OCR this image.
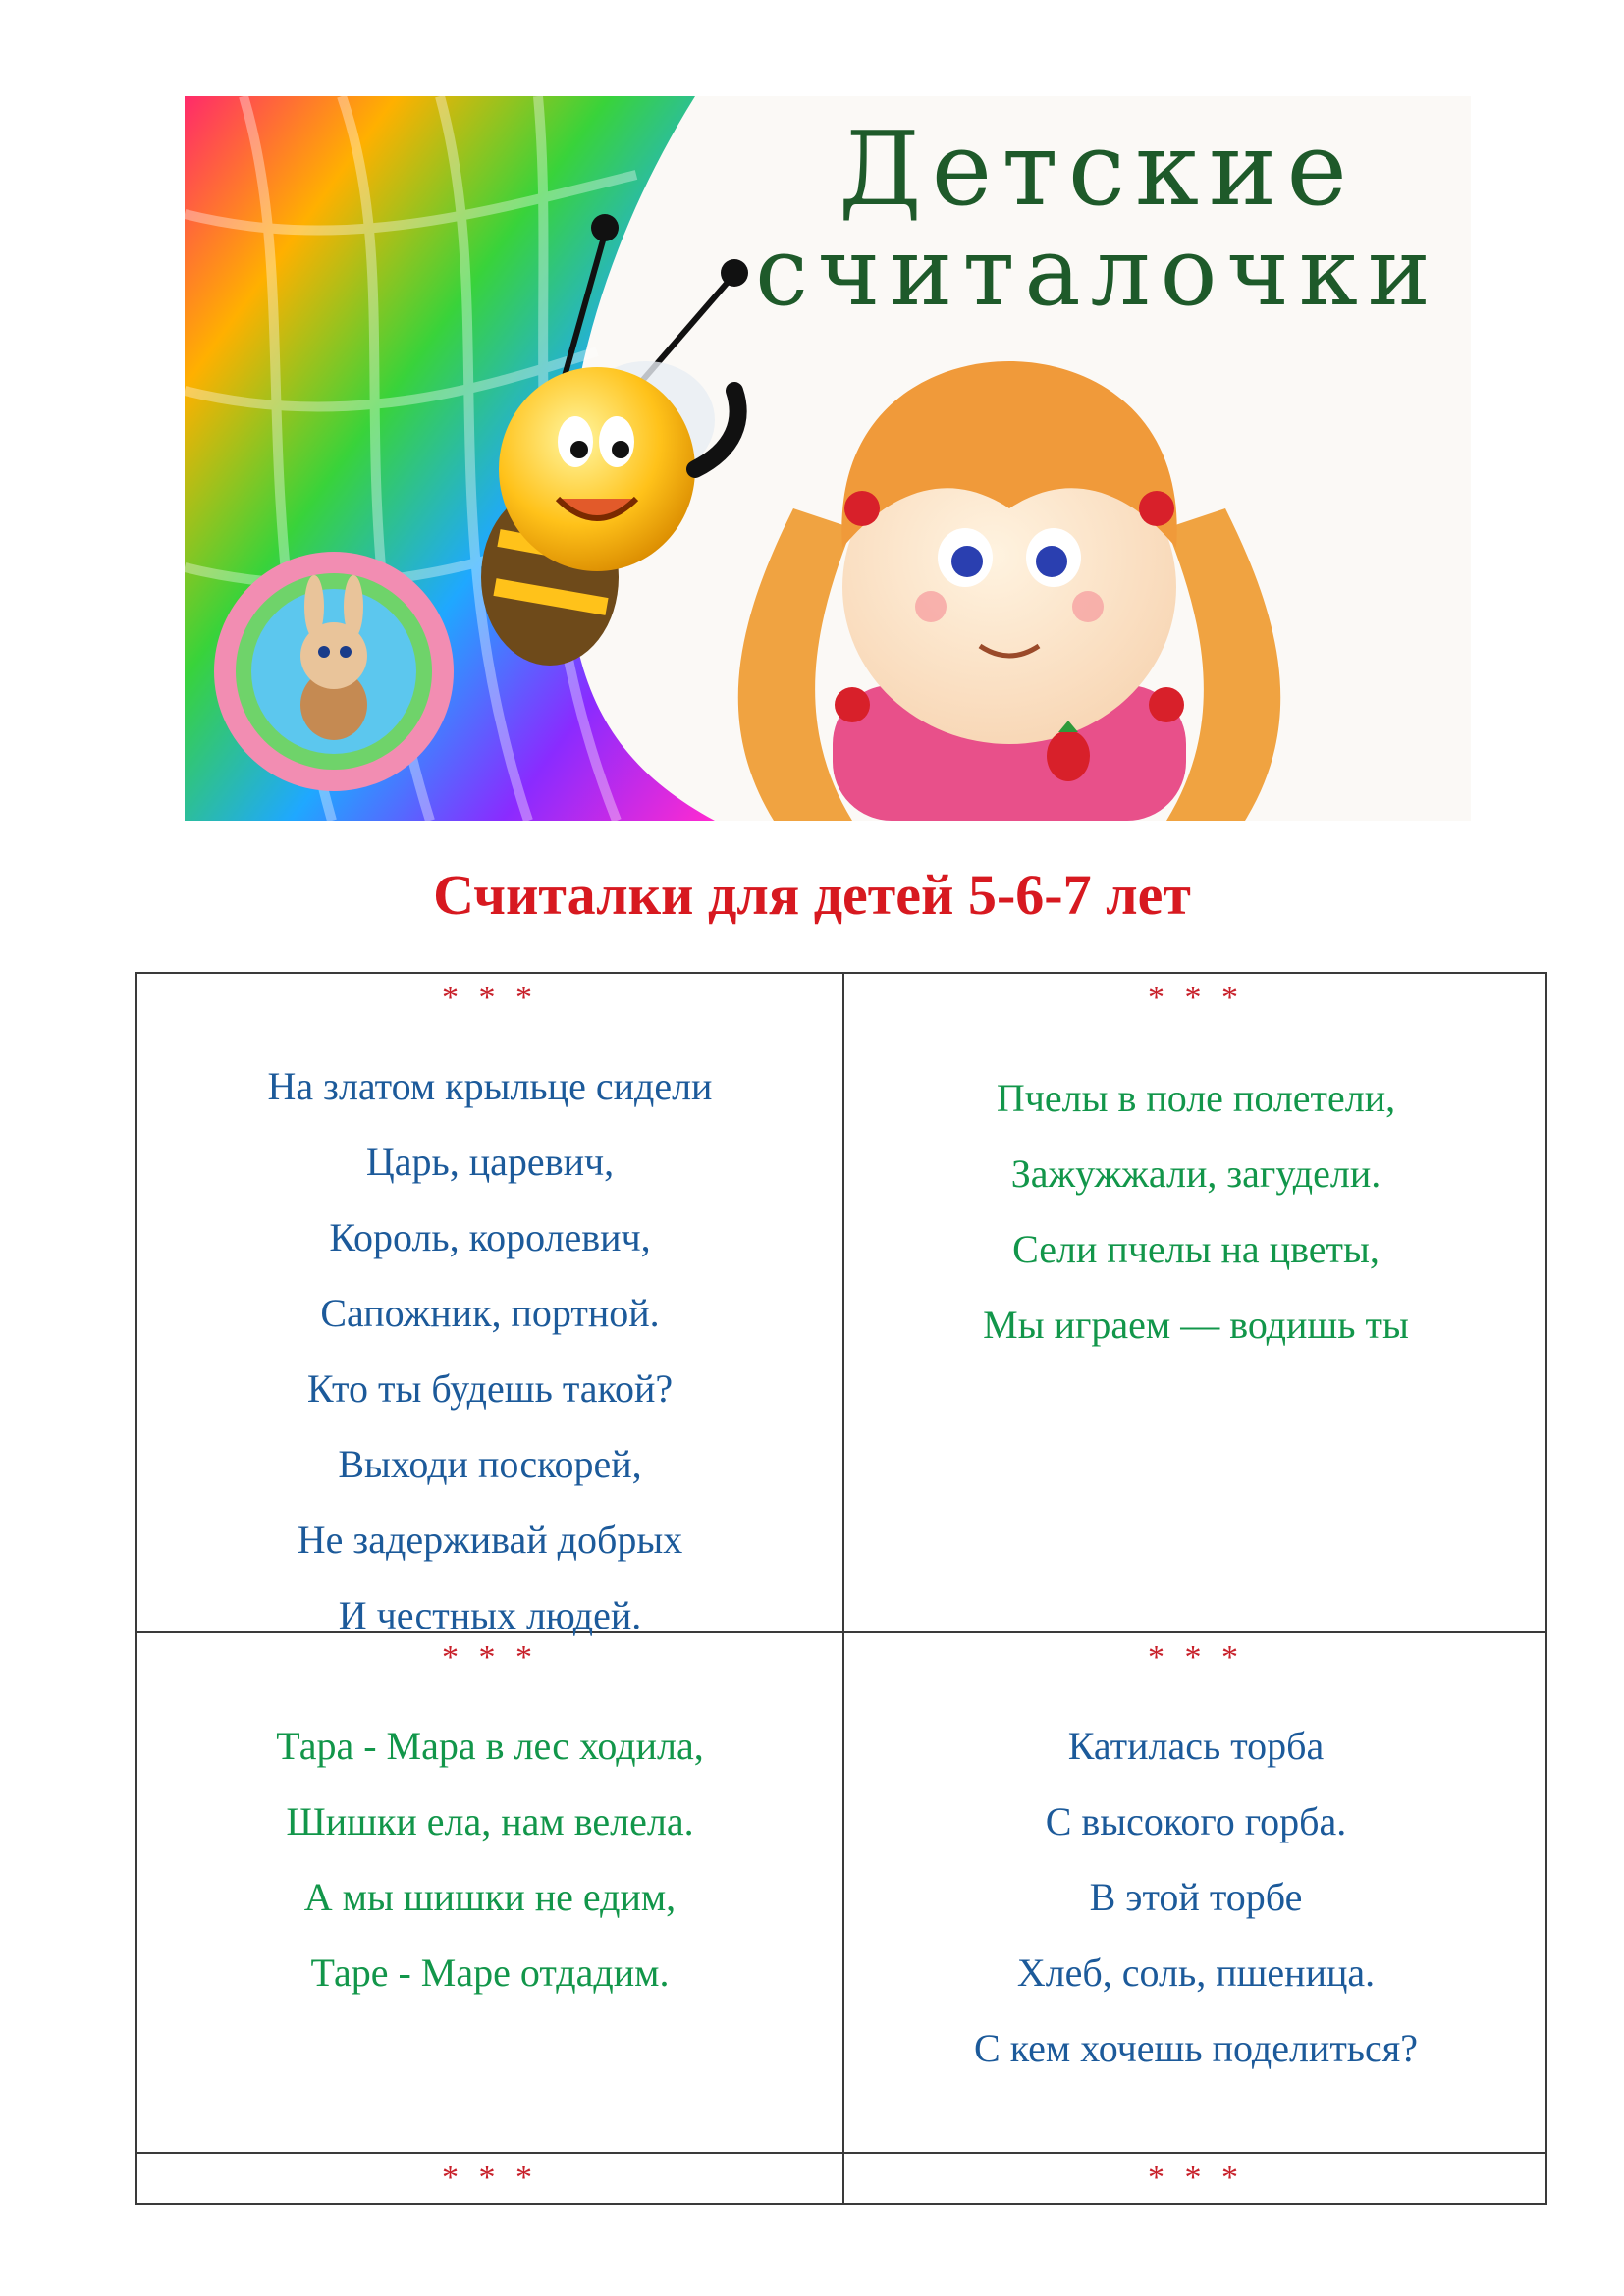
Детские
считалочки
Считалки для детей 5-6-7 лет
* * *
На златом крыльце сидели
Царь, царевич,
Король, королевич,
Сапожник, портной.
Кто ты будешь такой?
Выходи поскорей,
Не задерживай добрых
И честных людей.
* * *
Пчелы в поле полетели,
Зажужжали, загудели.
Сели пчелы на цветы,
Мы играем — водишь ты
* * *
Тара - Мара в лес ходила,
Шишки ела, нам велела.
А мы шишки не едим,
Таре - Маре отдадим.
* * *
Катилась торба
С высокого горба.
В этой торбе
Хлеб, соль, пшеница.
С кем хочешь поделиться?
* * *	* * *
